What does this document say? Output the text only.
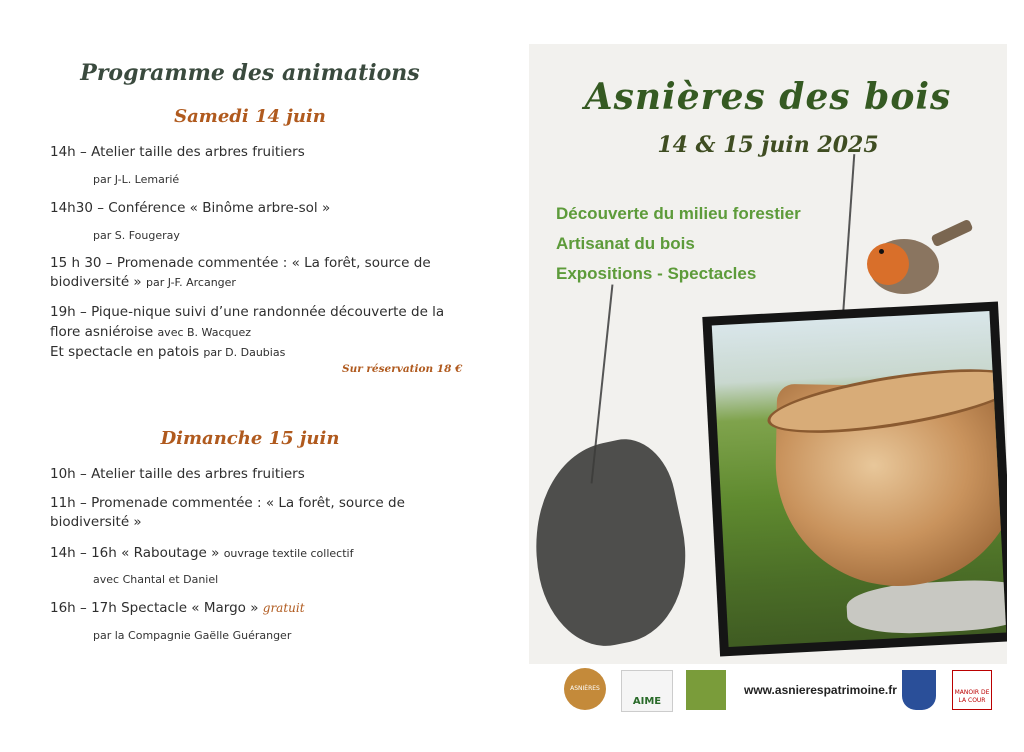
Programme des animations
Samedi 14 juin
14h – Atelier taille des arbres fruitiers
par J-L. Lemarié
14h30 – Conférence « Binôme arbre-sol »
par S. Fougeray
15 h 30 – Promenade commentée : « La forêt, source de
biodiversité » par J-F. Arcanger
19h – Pique-nique suivi d’une randonnée découverte de la
flore asniéroise avec B. Wacquez
Et spectacle en patois par D. Daubias
Sur réservation 18 €
Dimanche 15 juin
10h – Atelier taille des arbres fruitiers
11h – Promenade commentée : « La forêt, source de
biodiversité »
14h – 16h « Raboutage » ouvrage textile collectif
avec Chantal et Daniel
16h – 17h Spectacle « Margo » gratuit
par la Compagnie Gaëlle Guéranger
Asnières des bois
14 & 15 juin 2025
Découverte du milieu forestier
Artisanat du bois
Expositions - Spectacles
ASNIÈRES PATRIMOINE
AIME
www.asnierespatrimoine.fr	MANOIR DE LA COUR
